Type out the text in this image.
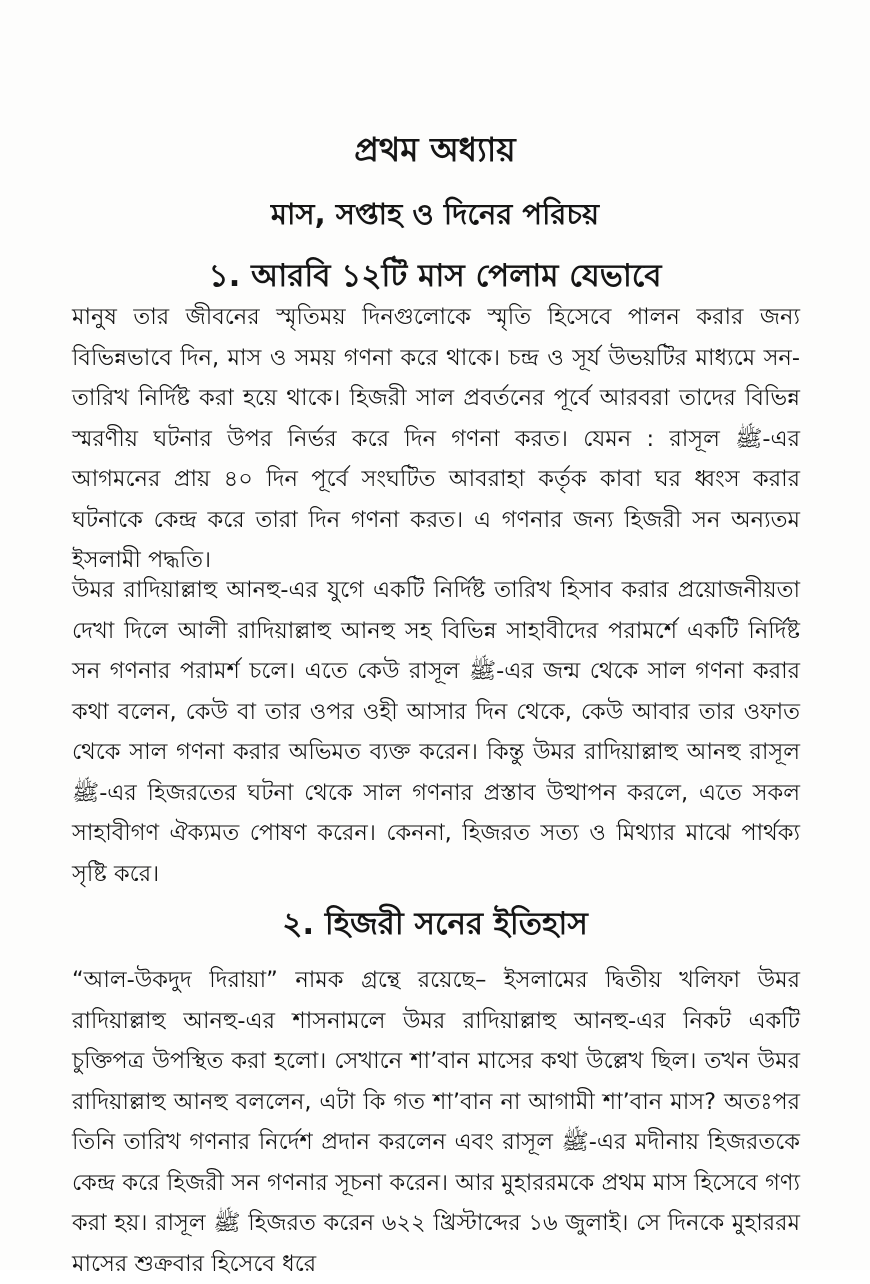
প্রথম অধ্যায়
মাস, সপ্তাহ ও দিনের পরিচয়
১. আরবি ১২টি মাস পেলাম যেভাবে

মানুষ তার জীবনের স্মৃতিময় দিনগুলোকে স্মৃতি হিসেবে পালন করার জন্য বিভিন্নভাবে দিন, মাস ও সময় গণনা করে থাকে। চন্দ্র ও সূর্য উভয়টির মাধ্যমে সন-তারিখ নির্দিষ্ট করা হয়ে থাকে। হিজরী সাল প্রবর্তনের পূর্বে আরবরা তাদের বিভিন্ন স্মরণীয় ঘটনার উপর নির্ভর করে দিন গণনা করত। যেমন : রাসূল ﷺ-এর আগমনের প্রায় ৪০ দিন পূর্বে সংঘটিত আবরাহা কর্তৃক কাবা ঘর ধ্বংস করার ঘটনাকে কেন্দ্র করে তারা দিন গণনা করত। এ গণনার জন্য হিজরী সন অন্যতম ইসলামী পদ্ধতি।

উমর রাদিয়াল্লাহু আনহু-এর যুগে একটি নির্দিষ্ট তারিখ হিসাব করার প্রয়োজনীয়তা দেখা দিলে আলী রাদিয়াল্লাহু আনহু সহ বিভিন্ন সাহাবীদের পরামর্শে একটি নির্দিষ্ট সন গণনার পরামর্শ চলে। এতে কেউ রাসূল ﷺ-এর জন্ম থেকে সাল গণনা করার কথা বলেন, কেউ বা তার ওপর ওহী আসার দিন থেকে, কেউ আবার তার ওফাত থেকে সাল গণনা করার অভিমত ব্যক্ত করেন। কিন্তু উমর রাদিয়াল্লাহু আনহু রাসূল ﷺ-এর হিজরতের ঘটনা থেকে সাল গণনার প্রস্তাব উত্থাপন করলে, এতে সকল সাহাবীগণ ঐক্যমত পোষণ করেন। কেননা, হিজরত সত্য ও মিথ্যার মাঝে পার্থক্য সৃষ্টি করে।

২. হিজরী সনের ইতিহাস

“আল-উকদুদ দিরায়া” নামক গ্রন্থে রয়েছে– ইসলামের দ্বিতীয় খলিফা উমর রাদিয়াল্লাহু আনহু-এর শাসনামলে উমর রাদিয়াল্লাহু আনহু-এর নিকট একটি চুক্তিপত্র উপস্থিত করা হলো। সেখানে শা’বান মাসের কথা উল্লেখ ছিল। তখন উমর রাদিয়াল্লাহু আনহু বললেন, এটা কি গত শা’বান না আগামী শা’বান মাস? অতঃপর তিনি তারিখ গণনার নির্দেশ প্রদান করলেন এবং রাসূল ﷺ-এর মদীনায় হিজরতকে কেন্দ্র করে হিজরী সন গণনার সূচনা করেন। আর মুহাররমকে প্রথম মাস হিসেবে গণ্য করা হয়। রাসূল ﷺ হিজরত করেন ৬২২ খ্রিস্টাব্দের ১৬ জুলাই। সে দিনকে মুহাররম মাসের শুক্রবার হিসেবে ধরে
